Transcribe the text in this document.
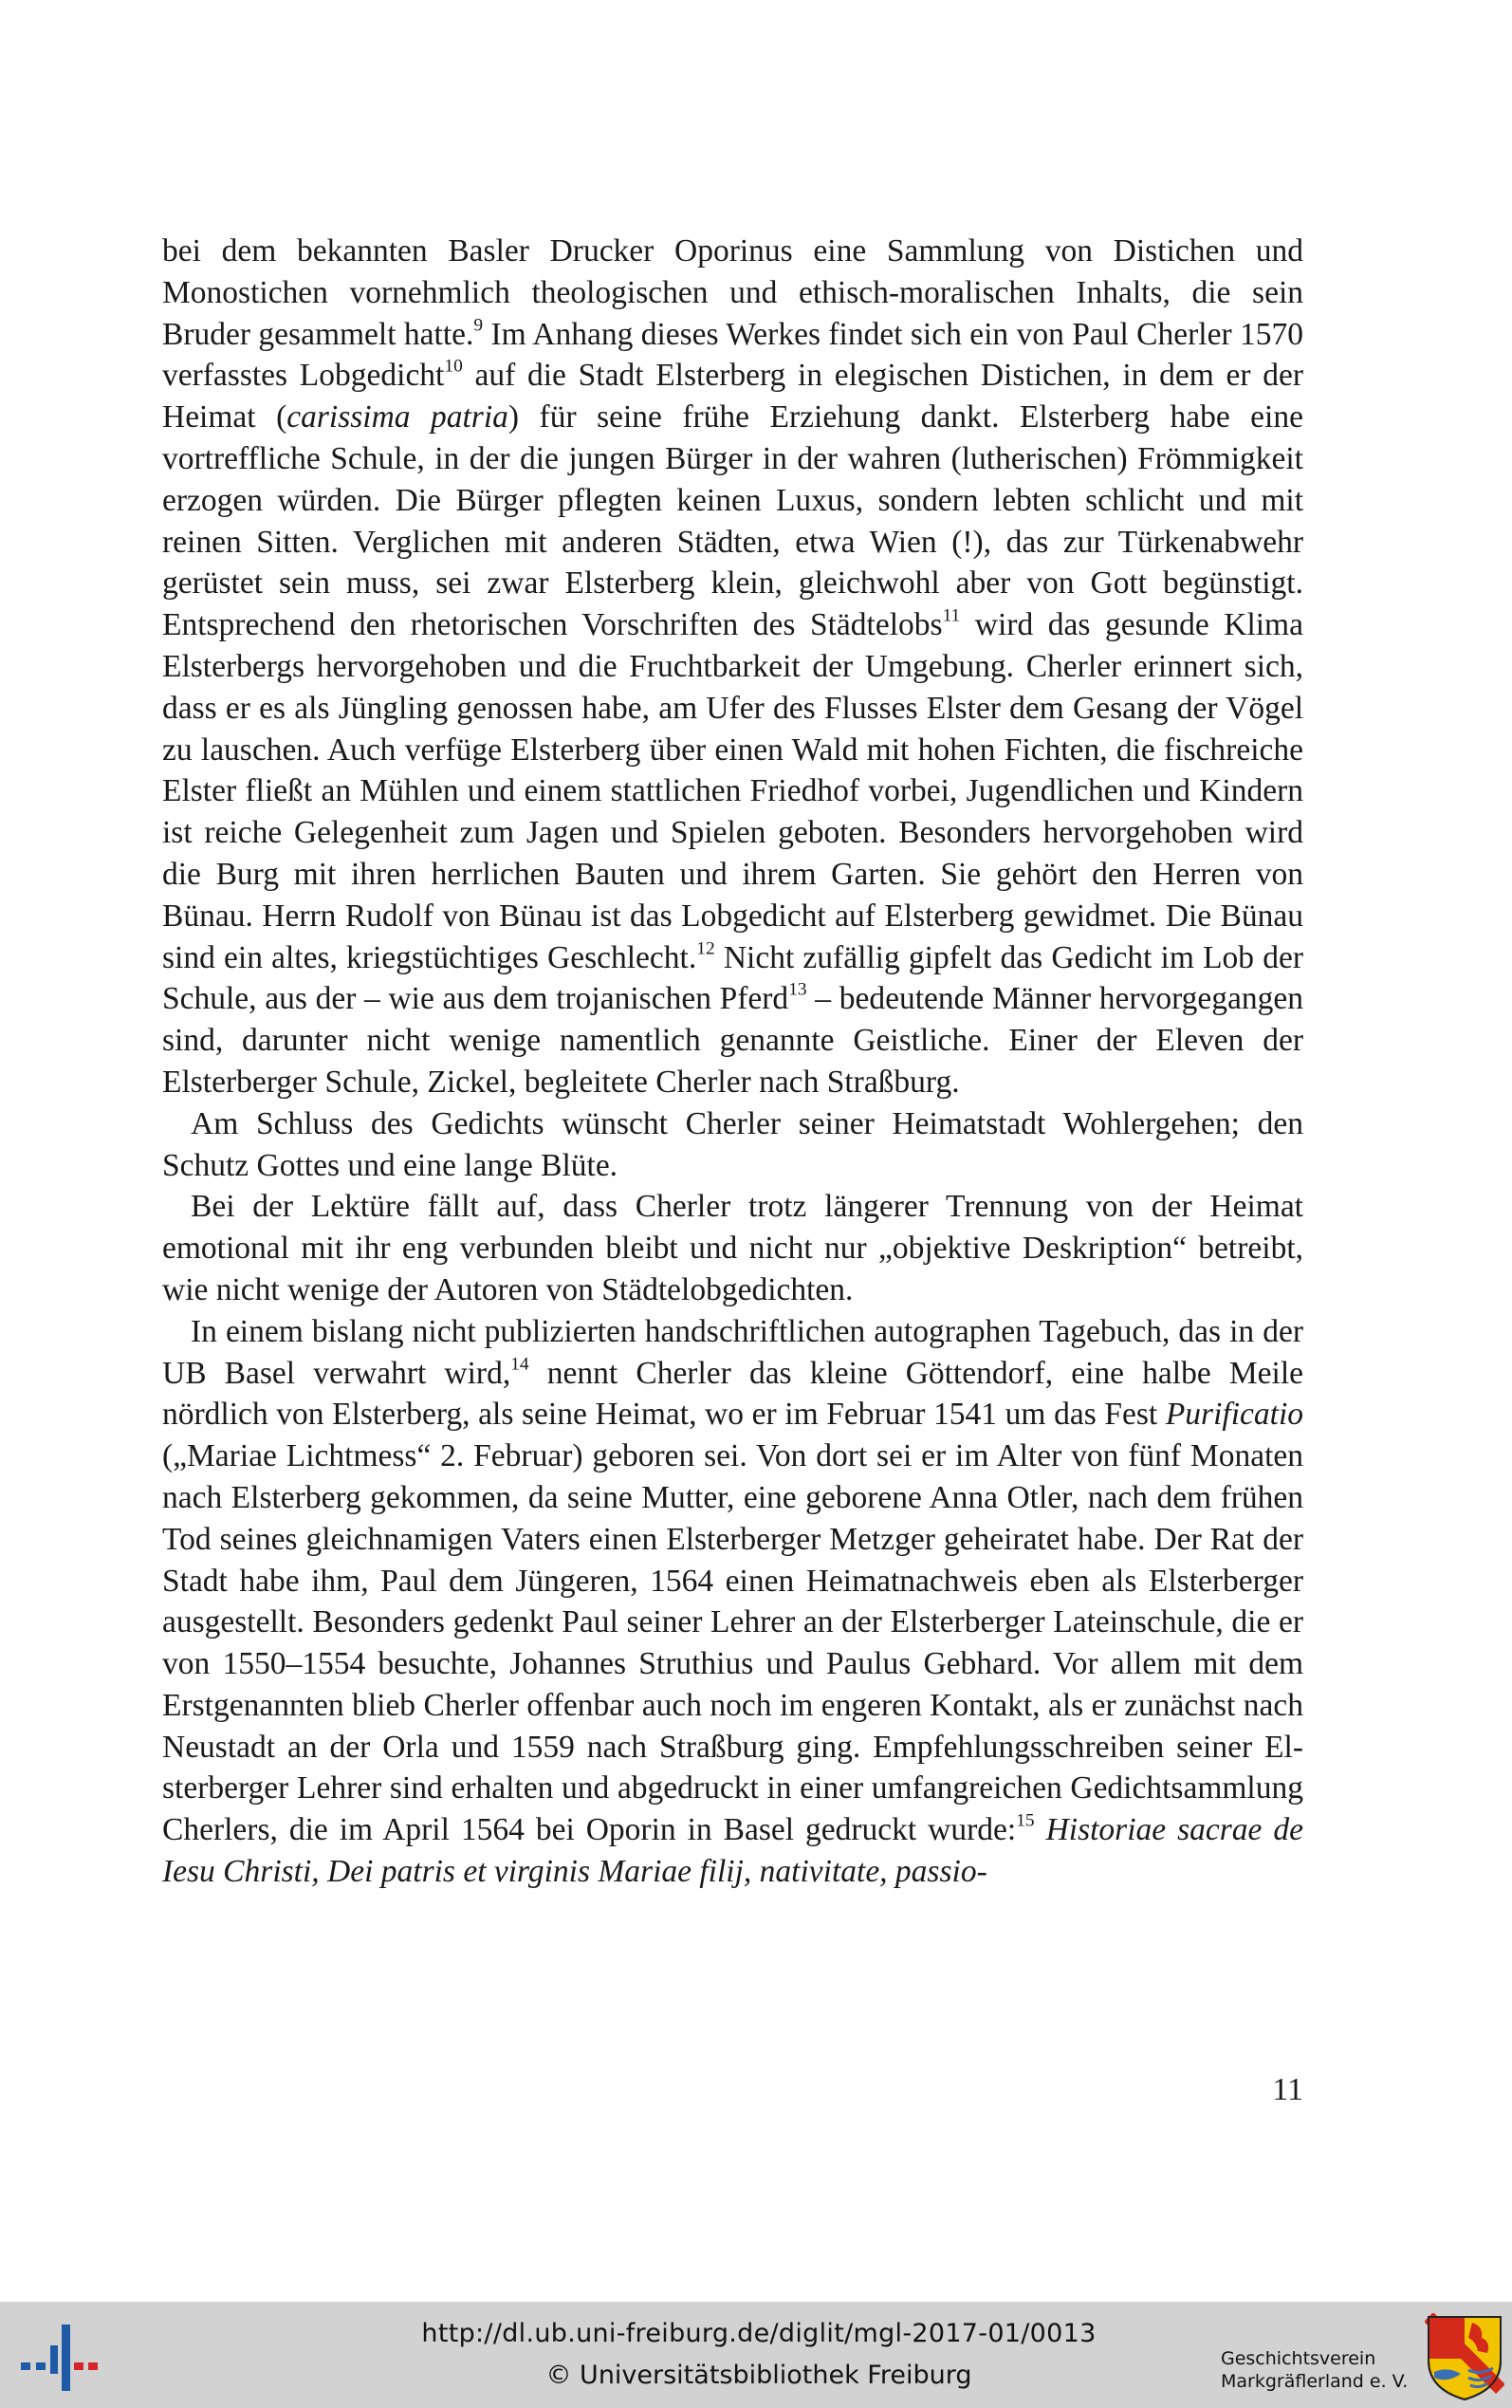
bei dem bekannten Basler Drucker Oporinus eine Sammlung von Distichen und Monostichen vornehmlich theologischen und ethisch-moralischen Inhalts, die sein Bruder gesammelt hatte.$^9$ Im Anhang dieses Werkes findet sich ein von Paul Cherler 1570 verfasstes Lobgedicht$^{10}$ auf die Stadt Elsterberg in elegischen Distichen, in dem er der Heimat (carissima patria) für seine frühe Erziehung dankt. Elsterberg habe eine vortreffliche Schule, in der die jungen Bürger in der wahren (lutherischen) Frömmigkeit erzogen würden. Die Bürger pflegten keinen Luxus, sondern lebten schlicht und mit reinen Sitten. Verglichen mit anderen Städten, etwa Wien (!), das zur Türkenabwehr gerüstet sein muss, sei zwar Elsterberg klein, gleichwohl aber von Gott begünstigt. Entsprechend den rhetorischen Vorschriften des Städtelobs$^{11}$ wird das gesunde Klima Elsterbergs hervorgehoben und die Fruchtbarkeit der Umgebung. Cherler erinnert sich, dass er es als Jüngling genossen habe, am Ufer des Flusses Elster dem Gesang der Vögel zu lauschen. Auch verfüge Elsterberg über einen Wald mit hohen Fichten, die fischreiche Elster fließt an Mühlen und einem stattlichen Friedhof vorbei, Jugendlichen und Kindern ist reiche Gelegenheit zum Jagen und Spielen geboten. Besonders hervorgehoben wird die Burg mit ihren herrlichen Bauten und ihrem Garten. Sie gehört den Herren von Bünau. Herrn Rudolf von Bünau ist das Lobgedicht auf Elsterberg gewidmet. Die Bünau sind ein altes, kriegstüchtiges Geschlecht.$^{12}$ Nicht zufällig gipfelt das Gedicht im Lob der Schule, aus der – wie aus dem trojanischen Pferd$^{13}$ – bedeutende Männer hervorgegangen sind, darunter nicht wenige namentlich genannte Geistliche. Einer der Eleven der Elsterberger Schule, Zickel, begleitete Cherler nach Straßburg.

Am Schluss des Gedichts wünscht Cherler seiner Heimatstadt Wohlergehen; den Schutz Gottes und eine lange Blüte.

Bei der Lektüre fällt auf, dass Cherler trotz längerer Trennung von der Heimat emotional mit ihr eng verbunden bleibt und nicht nur „objektive Deskription“ betreibt, wie nicht wenige der Autoren von Städtelobgedichten.

In einem bislang nicht publizierten handschriftlichen autographen Tagebuch, das in der UB Basel verwahrt wird,$^{14}$ nennt Cherler das kleine Göttendorf, eine halbe Meile nördlich von Elsterberg, als seine Heimat, wo er im Februar 1541 um das Fest Purificatio („Mariae Lichtmess“ 2. Februar) geboren sei. Von dort sei er im Alter von fünf Monaten nach Elsterberg gekommen, da seine Mutter, eine geborene Anna Otler, nach dem frühen Tod seines gleichnamigen Vaters einen Elsterberger Metzger geheiratet habe. Der Rat der Stadt habe ihm, Paul dem Jüngeren, 1564 einen Heimatnachweis eben als Elsterberger ausgestellt. Besonders gedenkt Paul seiner Lehrer an der Elsterberger Lateinschule, die er von 1550–1554 besuchte, Johannes Struthius und Paulus Gebhard. Vor allem mit dem Erstgenannten blieb Cherler offenbar auch noch im engeren Kontakt, als er zunächst nach Neustadt an der Orla und 1559 nach Straßburg ging. Empfehlungsschreiben seiner Elsterberger Lehrer sind erhalten und abgedruckt in einer umfangreichen Gedichtsammlung Cherlers, die im April 1564 bei Oporin in Basel gedruckt wurde:$^{15}$ Historiae sacrae de Iesu Christi, Dei patris et virginis Mariae filij, nativitate, passio-

11
http://dl.ub.uni-freiburg.de/diglit/mgl-2017-01/0013
© Universitätsbibliothek Freiburg
Geschichtsverein
Markgräflerland e. V.
